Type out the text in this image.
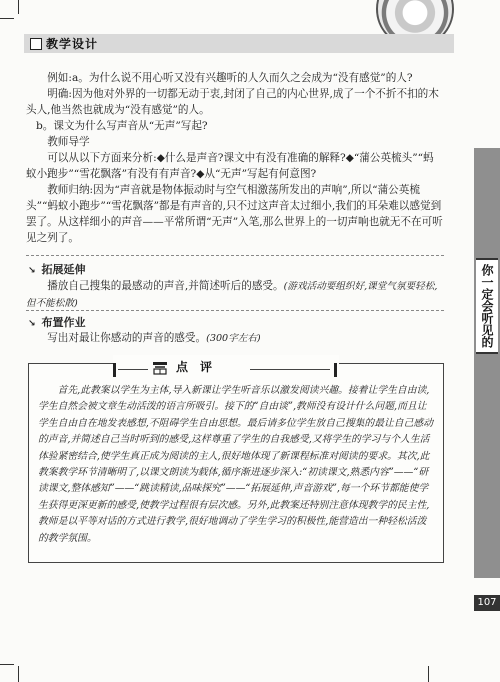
教学设计

例如:a。为什么说不用心听又没有兴趣听的人久而久之会成为“没有感觉”的人?

明确:因为他对外界的一切都无动于衷,封闭了自己的内心世界,成了一个不折不扣的木头人,他当然也就成为“没有感觉”的人。

b。课文为什么写声音从“无声”写起?

教师导学

可以从以下方面来分析:◆什么是声音?课文中有没有准确的解释?◆“蒲公英梳头”“蚂蚁小跑步”“雪花飘落”有没有有声音?◆从“无声”写起有何意图?

教师归纳:因为“声音就是物体振动时与空气相激荡所发出的声响”,所以“蒲公英梳头”“蚂蚁小跑步”“雪花飘落”都是有声音的,只不过这声音太过细小,我们的耳朵难以感觉到罢了。从这样细小的声音——平常所谓“无声”入笔,那么世界上的一切声响也就无不在可听见之列了。

↘ 拓展延伸

播放自己搜集的最感动的声音,并简述听后的感受。(游戏活动要组织好,课堂气氛要轻松,但不能松散)

↘ 布置作业

写出对最让你感动的声音的感受。(300字左右)

点评

首先,此教案以学生为主体,导入新课让学生听音乐以激发阅读兴趣。接着让学生自由读,学生自然会被文章生动活泼的语言所吸引。接下的“自由谈”,教师没有设计什么问题,而且让学生自由自在地发表感想,不阻碍学生自由思想。最后请多位学生放自己搜集的最让自己感动的声音,并简述自己当时听到的感受,这样尊重了学生的自我感受,又将学生的学习与个人生活体验紧密结合,使学生真正成为阅读的主人,很好地体现了新课程标准对阅读的要求。其次,此教案教学环节清晰明了,以课文朗读为载体,循序渐进逐步深入:“初读课文,熟悉内容”——“研读课文,整体感知”——“跳读精读,品味探究”——“拓展延伸,声音游戏”,每一个环节都能使学生获得更深更新的感受,使教学过程很有层次感。另外,此教案还特别注意体现教学的民主性,教师是以平等对话的方式进行教学,很好地调动了学生学习的积极性,能营造出一种轻松活泼的教学氛围。

你一定会听见的
107
